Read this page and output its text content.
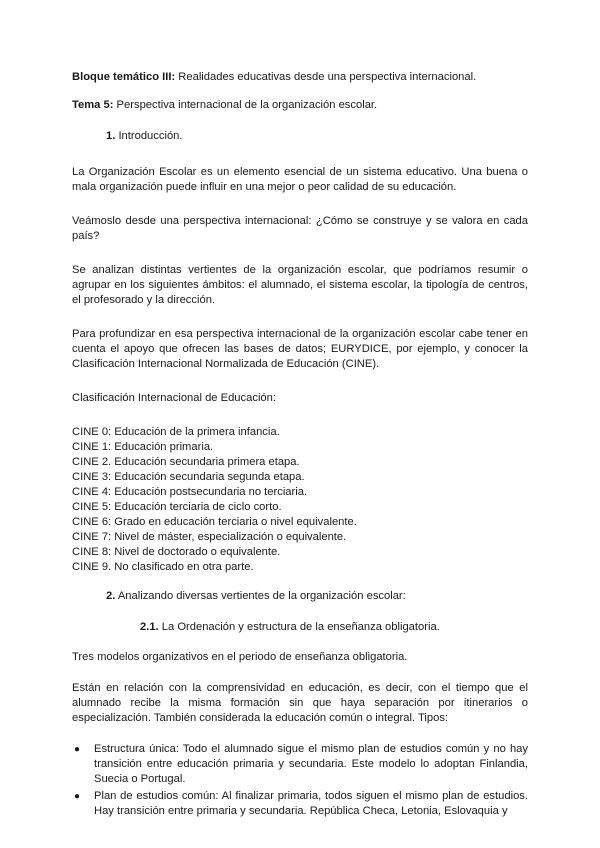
Bloque temático III: Realidades educativas desde una perspectiva internacional.

Tema 5: Perspectiva internacional de la organización escolar.

1. Introducción.

La Organización Escolar es un elemento esencial de un sistema educativo. Una buena o mala organización puede influir en una mejor o peor calidad de su educación.

Veámoslo desde una perspectiva internacional: ¿Cómo se construye y se valora en cada país?

Se analizan distintas vertientes de la organización escolar, que podríamos resumir o agrupar en los siguientes ámbitos: el alumnado, el sistema escolar, la tipología de centros, el profesorado y la dirección.

Para profundizar en esa perspectiva internacional de la organización escolar cabe tener en cuenta el apoyo que ofrecen las bases de datos; EURYDICE, por ejemplo, y conocer la Clasificación Internacional Normalizada de Educación (CINE).

Clasificación Internacional de Educación:

CINE 0: Educación de la primera infancia.
CINE 1: Educación primaria.
CINE 2. Educación secundaria primera etapa.
CINE 3: Educación secundaria segunda etapa.
CINE 4: Educación postsecundaria no terciaria.
CINE 5: Educación terciaria de ciclo corto.
CINE 6: Grado en educación terciaria o nivel equivalente.
CINE 7: Nivel de máster, especialización o equivalente.
CINE 8: Nivel de doctorado o equivalente.
CINE 9. No clasificado en otra parte.

2. Analizando diversas vertientes de la organización escolar:

2.1. La Ordenación y estructura de la enseñanza obligatoria.

Tres modelos organizativos en el periodo de enseñanza obligatoria.

Están en relación con la comprensividad en educación, es decir, con el tiempo que el alumnado recibe la misma formación sin que haya separación por itinerarios o especialización. También considerada la educación común o integral. Tipos:

● Estructura única: Todo el alumnado sigue el mismo plan de estudios común y no hay transición entre educación primaria y secundaria. Este modelo lo adoptan Finlandia, Suecia o Portugal.
● Plan de estudios común: Al finalizar primaria, todos siguen el mismo plan de estudios. Hay transición entre primaria y secundaria. República Checa, Letonia, Eslovaquia y
